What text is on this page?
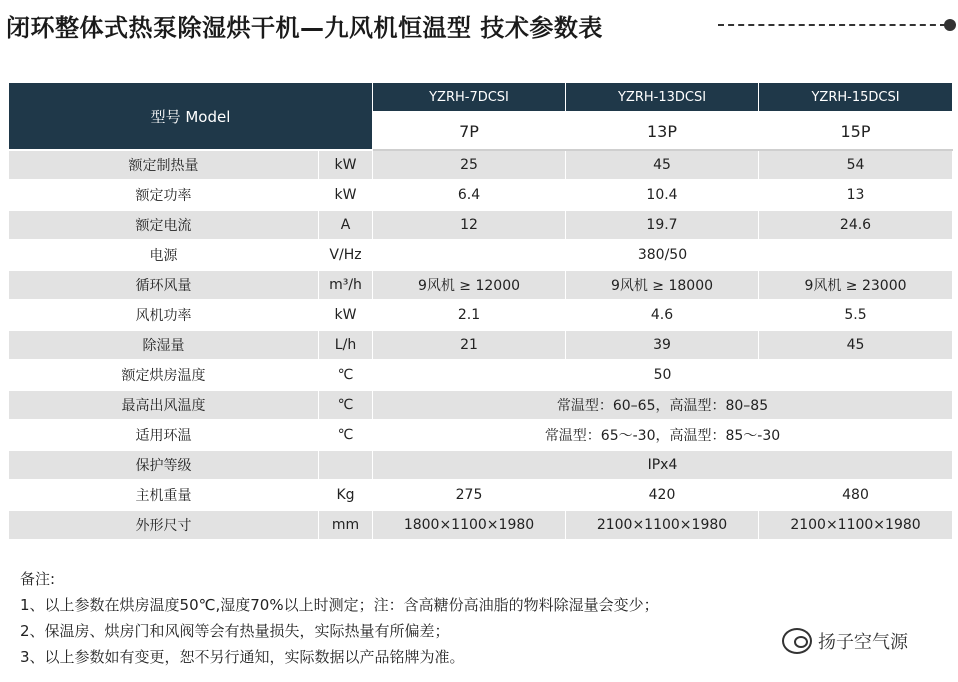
闭环整体式热泵除湿烘干机—九风机恒温型 技术参数表
型号 Model		YZRH-7DCSI	YZRH-13DCSI	YZRH-15DCSI
		7P	13P	15P
额定制热量	kW	25	45	54
额定功率	kW	6.4	10.4	13
额定电流	A	12	19.7	24.6
电源	V/Hz	380/50		
循环风量	m³/h	9风机 ≥ 12000	9风机 ≥ 18000	9风机 ≥ 23000
风机功率	kW	2.1	4.6	5.5
除湿量	L/h	21	39	45
额定烘房温度	℃	50		
最高出风温度	℃	常温型：60–65，高温型：80–85		
适用环温	℃	常温型：65～-30，高温型：85～-30		
保护等级		IPx4		
主机重量	Kg	275	420	480
外形尺寸	mm	1800×1100×1980	2100×1100×1980	2100×1100×1980
备注:
1、以上参数在烘房温度50℃,湿度70%以上时测定；注：含高糖份高油脂的物料除湿量会变少；
2、保温房、烘房门和风阀等会有热量损失，实际热量有所偏差；
3、以上参数如有变更，恕不另行通知，实际数据以产品铭牌为准。
扬子空气源
